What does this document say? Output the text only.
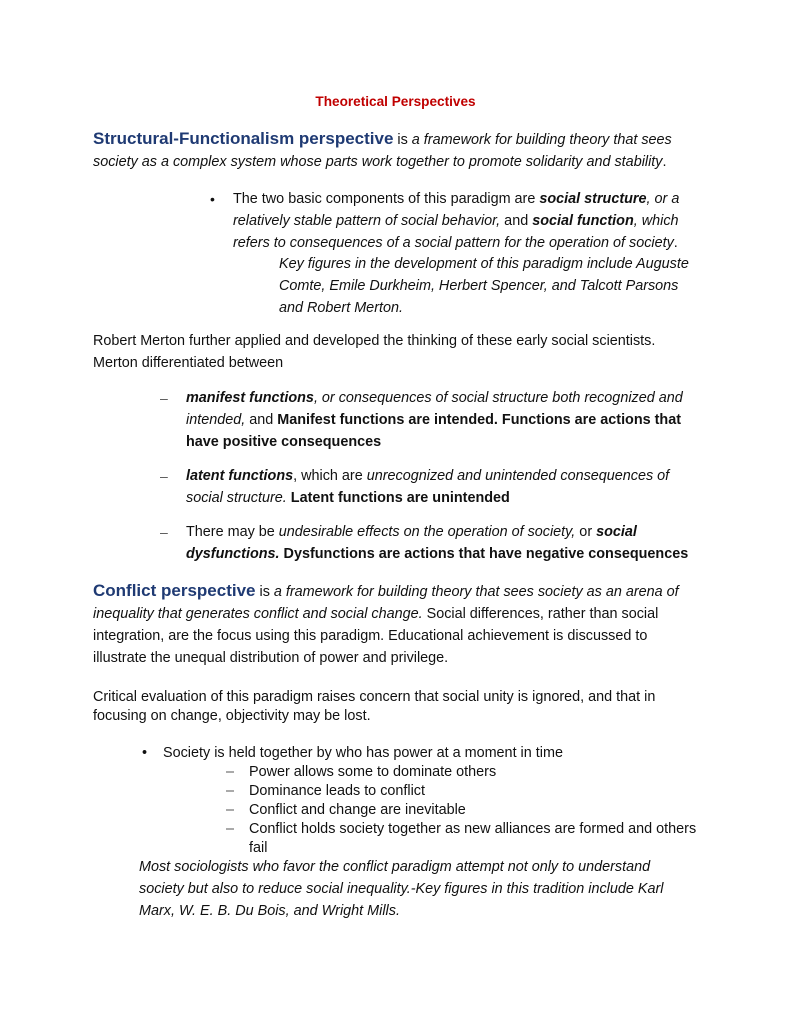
Theoretical Perspectives
Structural-Functionalism perspective is a framework for building theory that sees society as a complex system whose parts work together to promote solidarity and stability.
• The two basic components of this paradigm are social structure, or a relatively stable pattern of social behavior, and social function, which refers to consequences of a social pattern for the operation of society.
Key figures in the development of this paradigm include Auguste Comte, Emile Durkheim, Herbert Spencer, and Talcott Parsons and Robert Merton.
Robert Merton further applied and developed the thinking of these early social scientists. Merton differentiated between
– manifest functions, or consequences of social structure both recognized and intended, and Manifest functions are intended. Functions are actions that have positive consequences
– latent functions, which are unrecognized and unintended consequences of social structure. Latent functions are unintended
– There may be undesirable effects on the operation of society, or social dysfunctions. Dysfunctions are actions that have negative consequences
Conflict perspective is a framework for building theory that sees society as an arena of inequality that generates conflict and social change. Social differences, rather than social integration, are the focus using this paradigm. Educational achievement is discussed to illustrate the unequal distribution of power and privilege.
Critical evaluation of this paradigm raises concern that social unity is ignored, and that in focusing on change, objectivity may be lost.
• Society is held together by who has power at a moment in time
– Power allows some to dominate others
– Dominance leads to conflict
– Conflict and change are inevitable
– Conflict holds society together as new alliances are formed and others fail
Most sociologists who favor the conflict paradigm attempt not only to understand society but also to reduce social inequality.-Key figures in this tradition include Karl Marx, W. E. B. Du Bois, and Wright Mills.
